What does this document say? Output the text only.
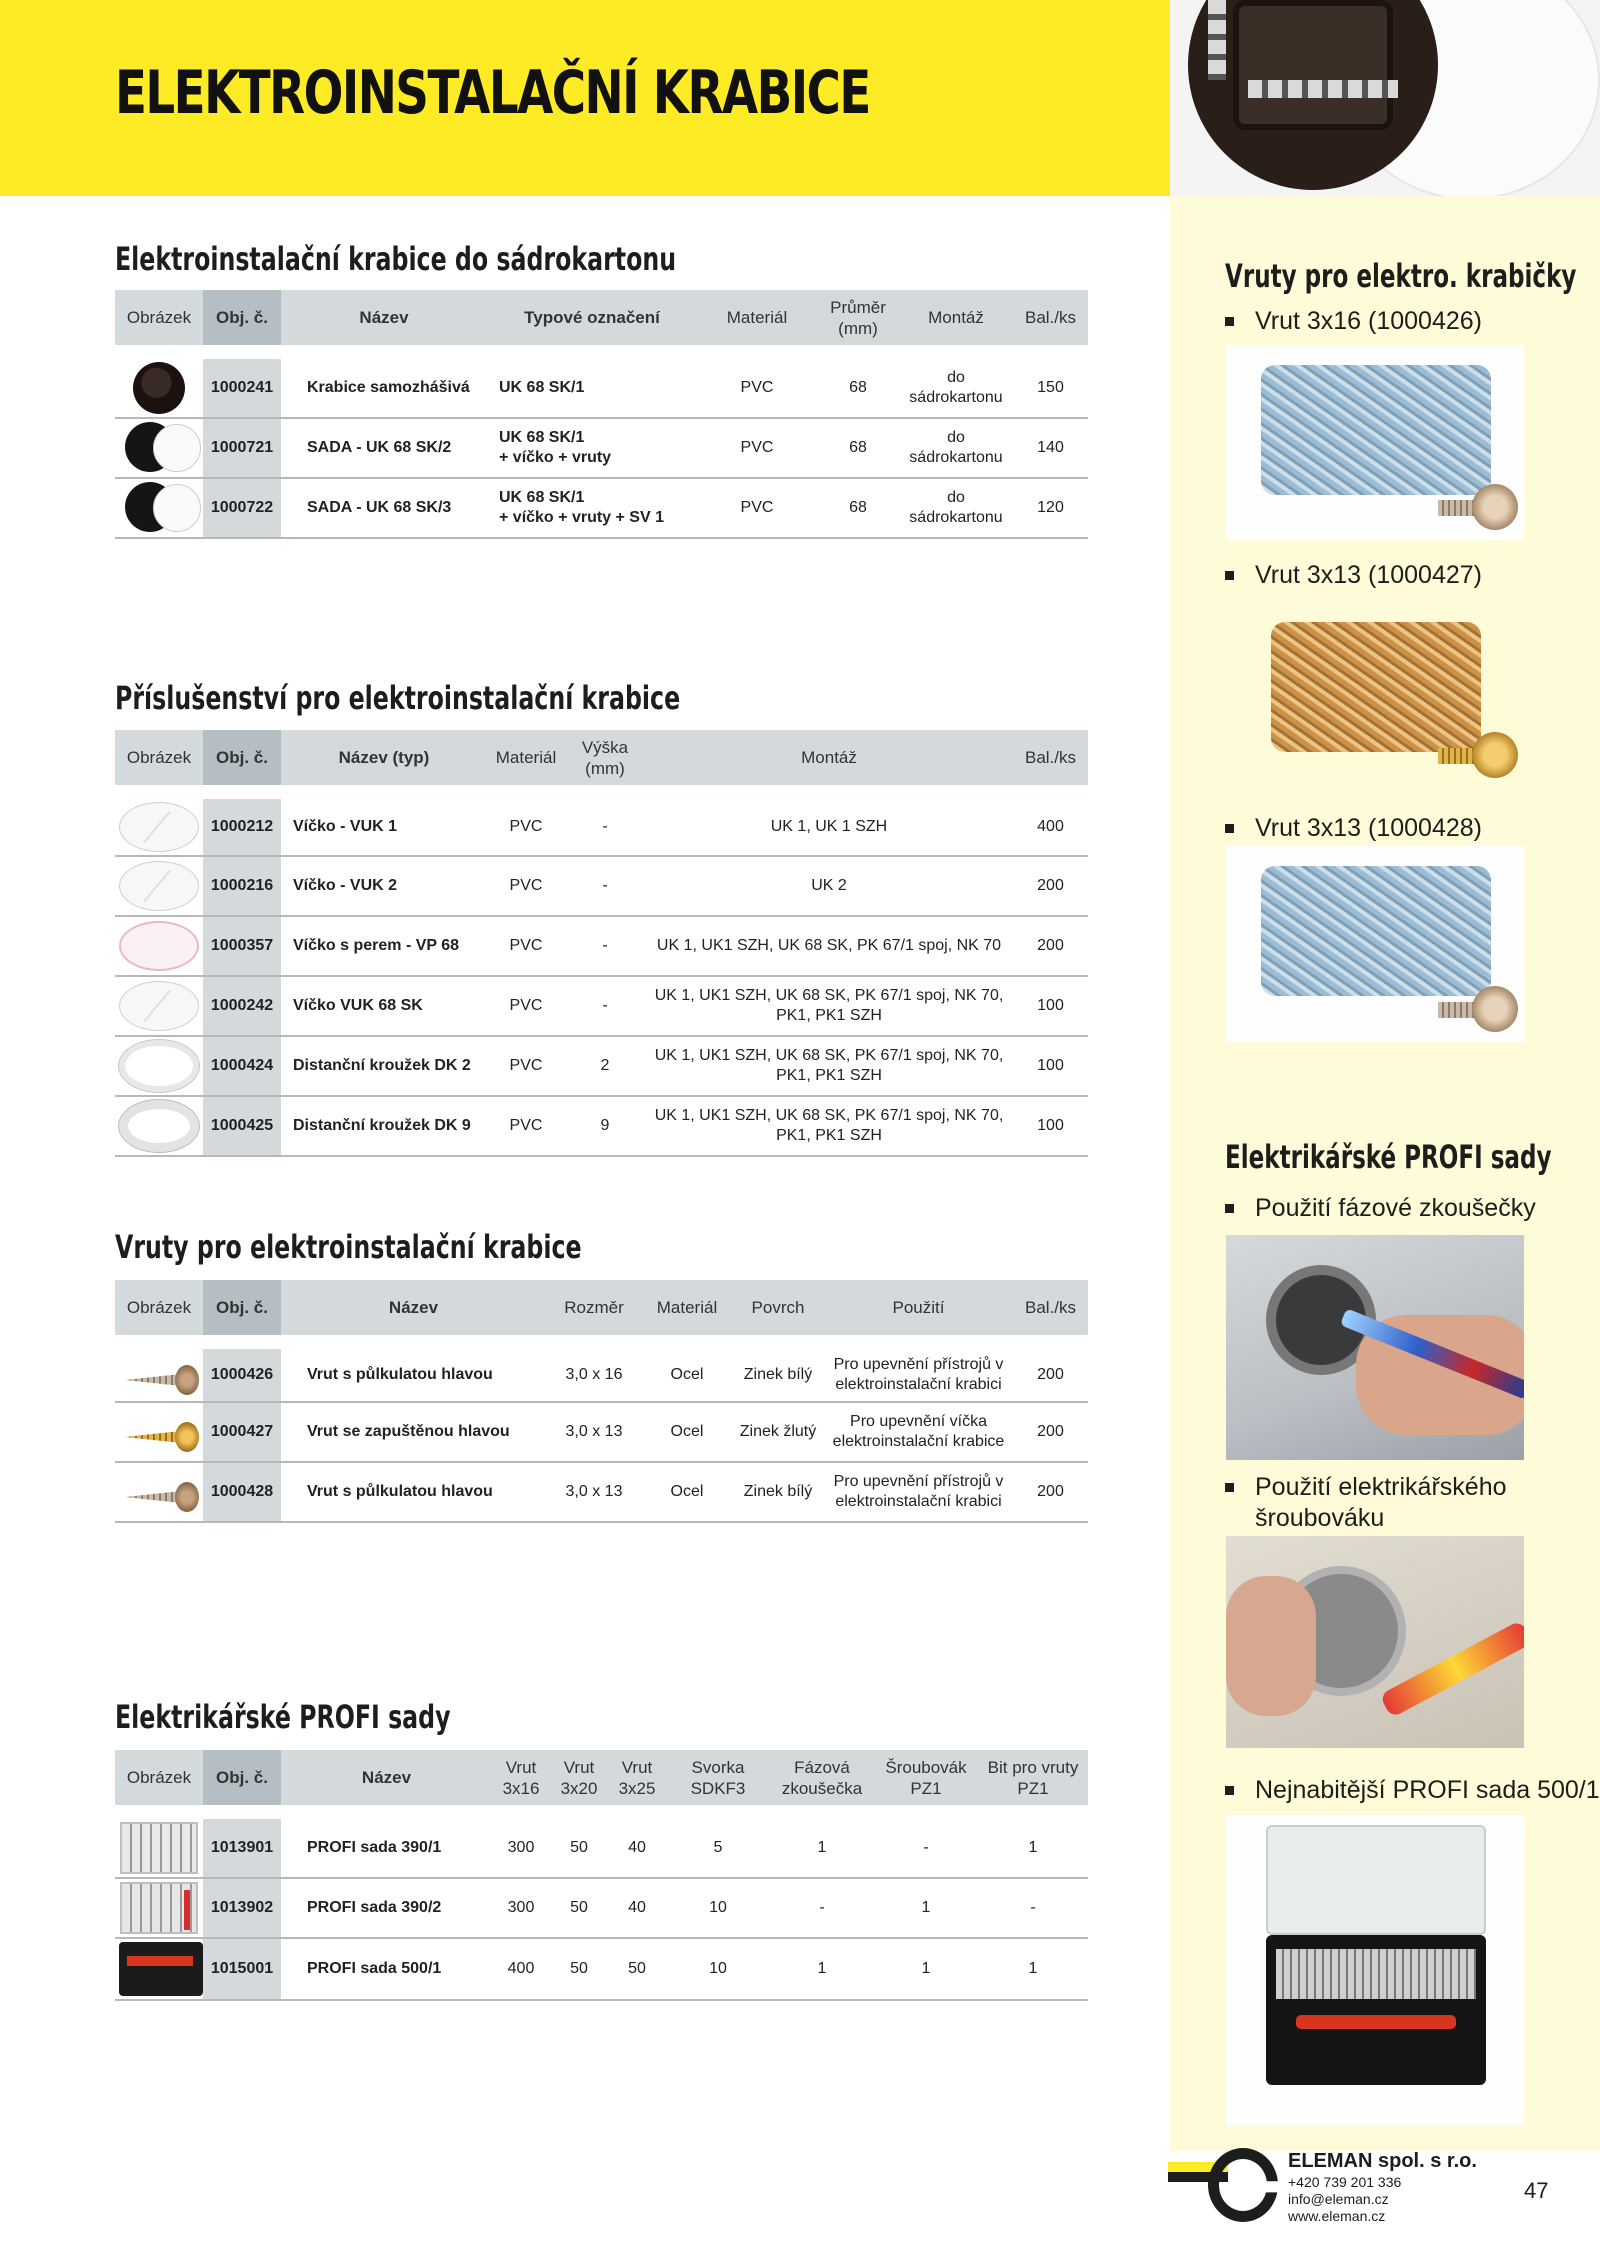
ELEKTROINSTALAČNÍ KRABICE
Elektroinstalační krabice do sádrokartonu
Obrázek	Obj. č.	Název	Typové označení	Materiál	Průměr (mm)	Montáž	Bal./ks

	1000241	Krabice samozhášivá	UK 68 SK/1	PVC	68	do sádrokartonu	150

	1000721	SADA - UK 68 SK/2	UK 68 SK/1
+ víčko + vruty	PVC	68	do sádrokartonu	140

	1000722	SADA - UK 68 SK/3	UK 68 SK/1
+ víčko + vruty + SV 1	PVC	68	do sádrokartonu	120
Příslušenství pro elektroinstalační krabice
Obrázek	Obj. č.	Název (typ)	Materiál	Výška (mm)	Montáž	Bal./ks

	1000212	Víčko - VUK 1	PVC	-	UK 1, UK 1 SZH	400

	1000216	Víčko - VUK 2	PVC	-	UK 2	200

	1000357	Víčko s perem - VP 68	PVC	-	UK 1, UK1 SZH, UK 68 SK, PK 67/1 spoj, NK 70	200

	1000242	Víčko VUK 68 SK	PVC	-	UK 1, UK1 SZH, UK 68 SK, PK 67/1 spoj, NK 70, PK1, PK1 SZH	100

	1000424	Distanční kroužek DK 2	PVC	2	UK 1, UK1 SZH, UK 68 SK, PK 67/1 spoj, NK 70, PK1, PK1 SZH	100

	1000425	Distanční kroužek DK 9	PVC	9	UK 1, UK1 SZH, UK 68 SK, PK 67/1 spoj, NK 70, PK1, PK1 SZH	100
Vruty pro elektroinstalační krabice
Obrázek	Obj. č.	Název	Rozměr	Materiál	Povrch	Použití	Bal./ks

	1000426	Vrut s půlkulatou hlavou	3,0 x 16	Ocel	Zinek bílý	Pro upevnění přístrojů v elektroinstalační krabici	200

	1000427	Vrut se zapuštěnou hlavou	3,0 x 13	Ocel	Zinek žlutý	Pro upevnění víčka elektroinstalační krabice	200

	1000428	Vrut s půlkulatou hlavou	3,0 x 13	Ocel	Zinek bílý	Pro upevnění přístrojů v elektroinstalační krabici	200
Elektrikářské PROFI sady
Obrázek	Obj. č.	Název	Vrut 3x16	Vrut 3x20	Vrut 3x25	Svorka SDKF3	Fázová zkoušečka	Šroubovák PZ1	Bit pro vruty PZ1

	1013901	PROFI sada 390/1	300	50	40	5	1	-	1

	1013902	PROFI sada 390/2	300	50	40	10	-	1	-

	1015001	PROFI sada 500/1	400	50	50	10	1	1	1
Vruty pro elektro. krabičky
Vrut 3x16 (1000426)
Vrut 3x13 (1000427)
Vrut 3x13 (1000428)
Elektrikářské PROFI sady
Použití fázové zkoušečky
Použití elektrikářského šroubováku
Nejnabitější PROFI sada 500/1
ELEMAN spol. s r.o.
+420 739 201 336
info@eleman.cz
www.eleman.cz
47
